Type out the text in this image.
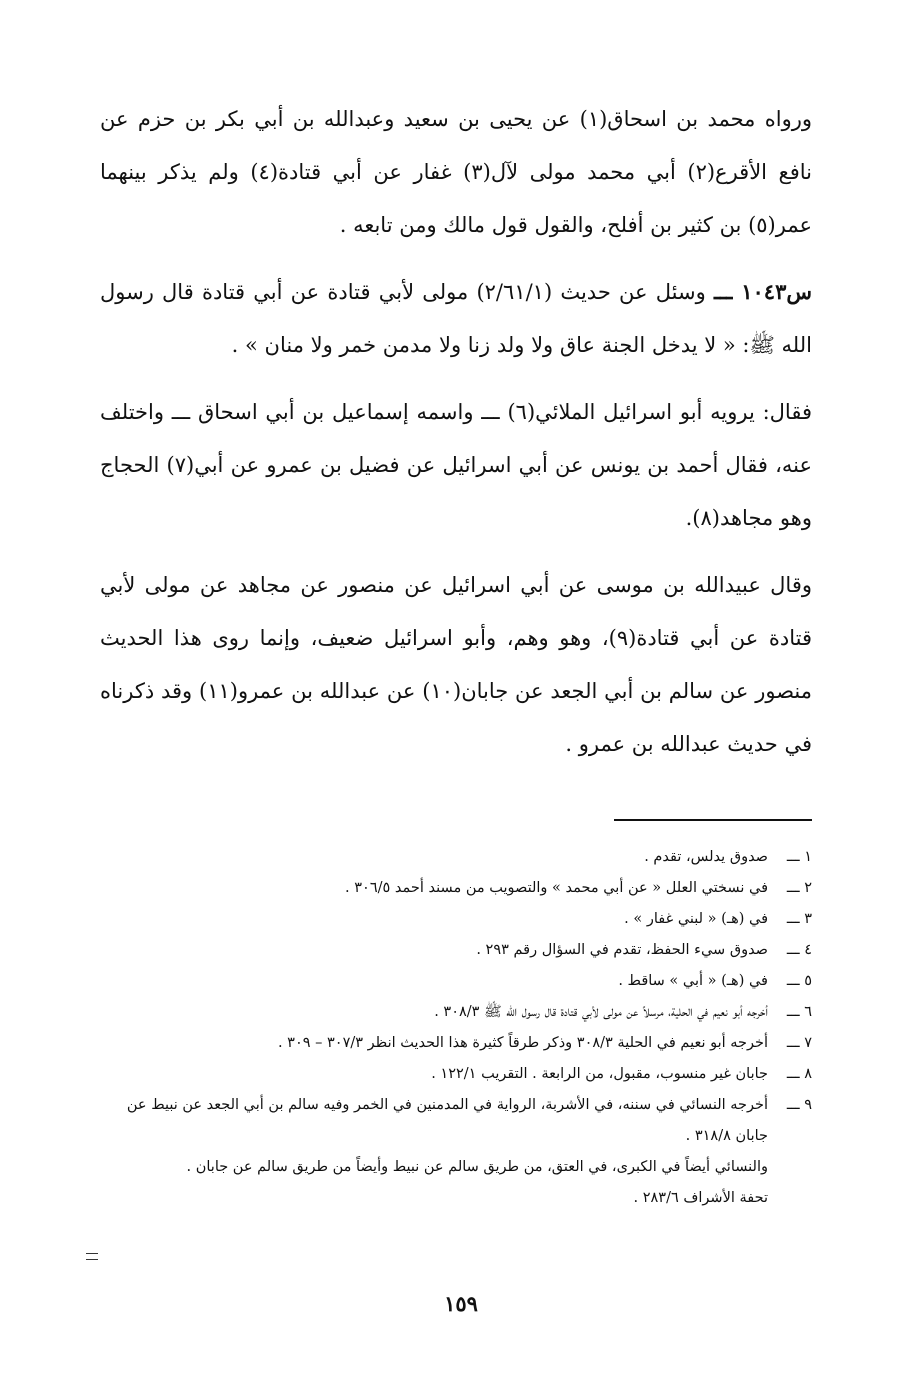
ورواه محمد بن اسحاق(١) عن يحيى بن سعيد وعبدالله بن أبي بكر بن حزم عن نافع الأقرع(٢) أبي محمد مولى لآل(٣) غفار عن أبي قتادة(٤) ولم يذكر بينهما عمر(٥) بن كثير بن أفلح، والقول قول مالك ومن تابعه .

س١٠٤٣ ـــ وسئل عن حديث (٢/٦١/١) مولى لأبي قتادة عن أبي قتادة قال رسول الله ﷺ: « لا يدخل الجنة عاق ولا ولد زنا ولا مدمن خمر ولا منان » .

فقال: يرويه أبو اسرائيل الملائي(٦) ـــ واسمه إسماعيل بن أبي اسحاق ـــ واختلف عنه، فقال أحمد بن يونس عن أبي اسرائيل عن فضيل بن عمرو عن أبي(٧) الحجاج وهو مجاهد(٨).

وقال عبيدالله بن موسى عن أبي اسرائيل عن منصور عن مجاهد عن مولى لأبي قتادة عن أبي قتادة(٩)، وهو وهم، وأبو اسرائيل ضعيف، وإنما روى هذا الحديث منصور عن سالم بن أبي الجعد عن جابان(١٠) عن عبدالله بن عمرو(١١) وقد ذكرناه في حديث عبدالله بن عمرو .

١ ـــ
صدوق يدلس، تقدم .
٢ ـــ
في نسختي العلل « عن أبي محمد » والتصويب من مسند أحمد ٣٠٦/٥ .
٣ ـــ
في (هـ) « لبني غفار » .
٤ ـــ
صدوق سيء الحفظ، تقدم في السؤال رقم ٢٩٣ .
٥ ـــ
في (هـ) « أبي » ساقط .
٦ ـــ
أخرجه أبو نعيم في الحلية، مرسلاً عن مولى لأبي قتادة قال رسول الله ﷺ ٣٠٨/٣ .
٧ ـــ
أخرجه أبو نعيم في الحلية ٣٠٨/٣ وذكر طرقاً كثيرة هذا الحديث انظر ٣٠٧/٣ – ٣٠٩ .
٨ ـــ
جابان غير منسوب، مقبول، من الرابعة . التقريب ١٢٢/١ .
٩ ـــ
أخرجه النسائي في سننه، في الأشربة، الرواية في المدمنين في الخمر وفيه سالم بن أبي الجعد عن نبيط عن جابان ٣١٨/٨ .
والنسائي أيضاً في الكبرى، في العتق، من طريق سالم عن نبيط وأيضاً من طريق سالم عن جابان .
تحفة الأشراف ٢٨٣/٦ .
١٥٩
